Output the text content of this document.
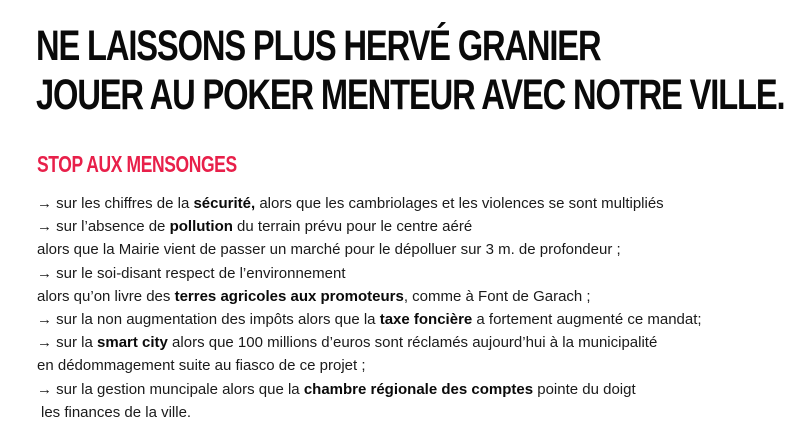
NE LAISSONS PLUS HERVÉ GRANIER
JOUER AU POKER MENTEUR AVEC NOTRE VILLE.
STOP AUX MENSONGES
→ sur les chiffres de la sécurité, alors que les cambriolages et les violences se sont multipliés
→ sur l’absence de pollution du terrain prévu pour le centre aéré
alors que la Mairie vient de passer un marché pour le dépolluer sur 3 m. de profondeur ;
→ sur le soi-disant respect de l’environnement
alors qu’on livre des terres agricoles aux promoteurs, comme à Font de Garach ;
→ sur la non augmentation des impôts alors que la taxe foncière a fortement augmenté ce mandat;
→ sur la smart city alors que 100 millions d’euros sont réclamés aujourd’hui à la municipalité
en dédommagement suite au fiasco de ce projet ;
→ sur la gestion muncipale alors que la chambre régionale des comptes pointe du doigt
les finances de la ville.
